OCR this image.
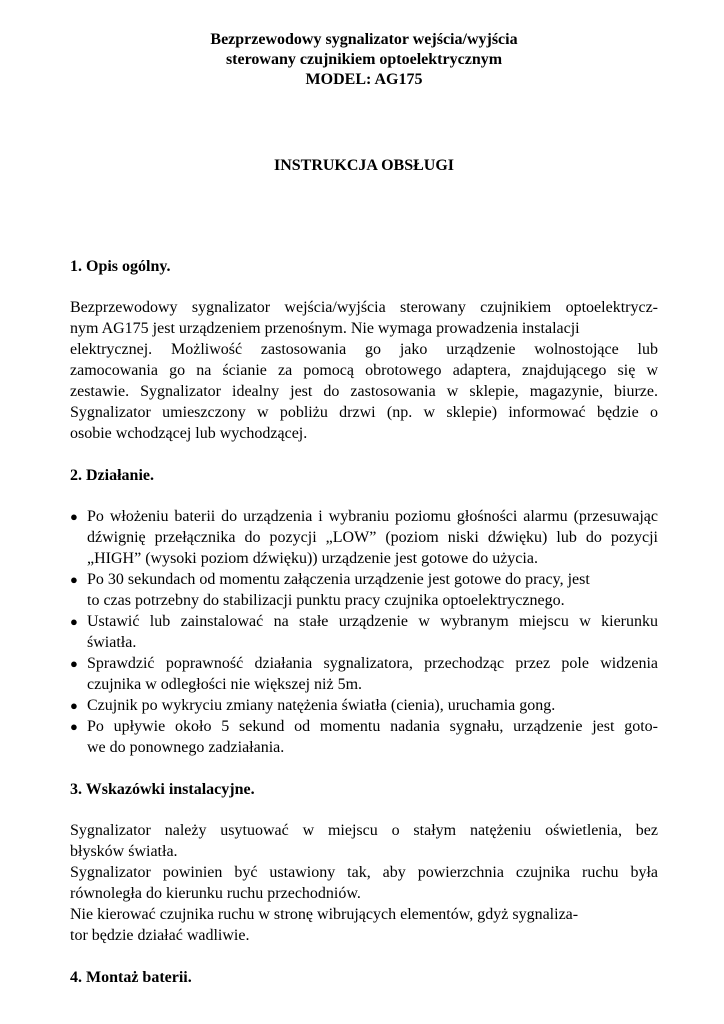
Bezprzewodowy sygnalizator wejścia/wyjścia
sterowany czujnikiem optoelektrycznym
MODEL: AG175
INSTRUKCJA OBSŁUGI
1. Opis ogólny.
Bezprzewodowy sygnalizator wejścia/wyjścia sterowany czujnikiem optoelektrycz-
nym AG175 jest urządzeniem przenośnym. Nie wymaga prowadzenia instalacji
elektrycznej. Możliwość zastosowania go jako urządzenie wolnostojące lub
zamocowania go na ścianie za pomocą obrotowego adaptera, znajdującego się w
zestawie. Sygnalizator idealny jest do zastosowania w sklepie, magazynie, biurze.
Sygnalizator umieszczony w pobliżu drzwi (np. w sklepie) informować będzie o
osobie wchodzącej lub wychodzącej.
2. Działanie.
● Po włożeniu baterii do urządzenia i wybraniu poziomu głośności alarmu (przesuwając
dźwignię przełącznika do pozycji „LOW” (poziom niski dźwięku) lub do pozycji
„HIGH” (wysoki poziom dźwięku)) urządzenie jest gotowe do użycia.
● Po 30 sekundach od momentu załączenia urządzenie jest gotowe do pracy, jest
to czas potrzebny do stabilizacji punktu pracy czujnika optoelektrycznego.
● Ustawić lub zainstalować na stałe urządzenie w wybranym miejscu w kierunku
światła.
● Sprawdzić poprawność działania sygnalizatora, przechodząc przez pole widzenia
czujnika w odległości nie większej niż 5m.
● Czujnik po wykryciu zmiany natężenia światła (cienia), uruchamia gong.
● Po upływie około 5 sekund od momentu nadania sygnału, urządzenie jest goto-
we do ponownego zadziałania.
3. Wskazówki instalacyjne.
Sygnalizator należy usytuować w miejscu o stałym natężeniu oświetlenia, bez
błysków światła.
Sygnalizator powinien być ustawiony tak, aby powierzchnia czujnika ruchu była
równoległa do kierunku ruchu przechodniów.
Nie kierować czujnika ruchu w stronę wibrujących elementów, gdyż sygnaliza-
tor będzie działać wadliwie.
4. Montaż baterii.
